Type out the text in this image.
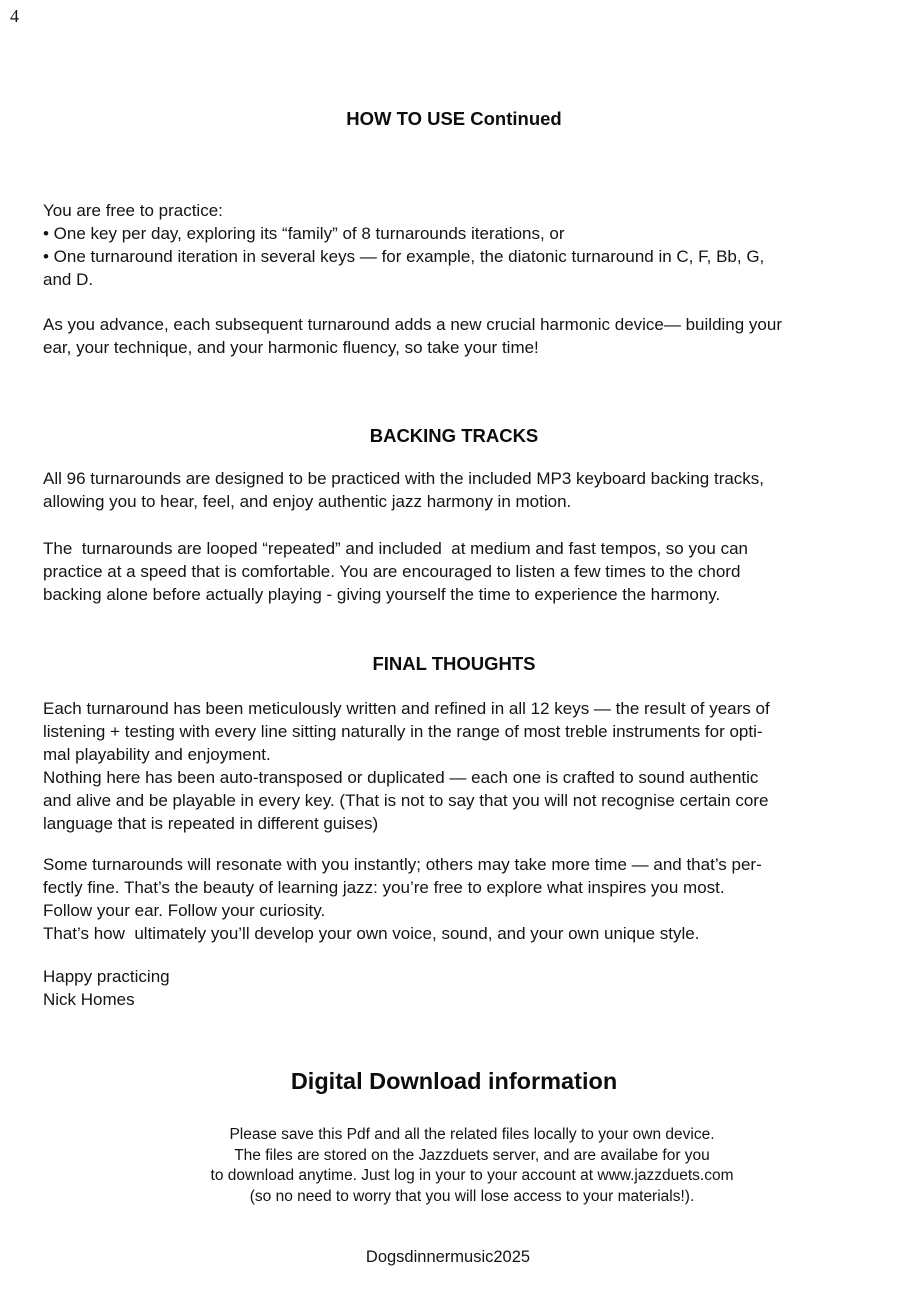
4
HOW TO USE Continued
You are free to practice:
• One key per day, exploring its “family” of 8 turnarounds iterations, or
• One turnaround iteration in several keys — for example, the diatonic turnaround in C, F, Bb, G,
and D.
As you advance, each subsequent turnaround adds a new crucial harmonic device— building your
ear, your technique, and your harmonic fluency, so take your time!
BACKING TRACKS
All 96 turnarounds are designed to be practiced with the included MP3 keyboard backing tracks,
allowing you to hear, feel, and enjoy authentic jazz harmony in motion.
The  turnarounds are looped “repeated” and included  at medium and fast tempos, so you can
practice at a speed that is comfortable. You are encouraged to listen a few times to the chord
backing alone before actually playing - giving yourself the time to experience the harmony.
FINAL THOUGHTS
Each turnaround has been meticulously written and refined in all 12 keys — the result of years of
listening + testing with every line sitting naturally in the range of most treble instruments for opti-
mal playability and enjoyment.
Nothing here has been auto-transposed or duplicated — each one is crafted to sound authentic
and alive and be playable in every key. (That is not to say that you will not recognise certain core
language that is repeated in different guises)
Some turnarounds will resonate with you instantly; others may take more time — and that’s per-
fectly fine. That’s the beauty of learning jazz: you’re free to explore what inspires you most.
Follow your ear. Follow your curiosity.
That’s how  ultimately you’ll develop your own voice, sound, and your own unique style.
Happy practicing
Nick Homes
Digital Download information
Please save this Pdf and all the related files locally to your own device.
The files are stored on the Jazzduets server, and are availabe for you
to download anytime. Just log in your to your account at www.jazzduets.com
(so no need to worry that you will lose access to your materials!).
Dogsdinnermusic2025
